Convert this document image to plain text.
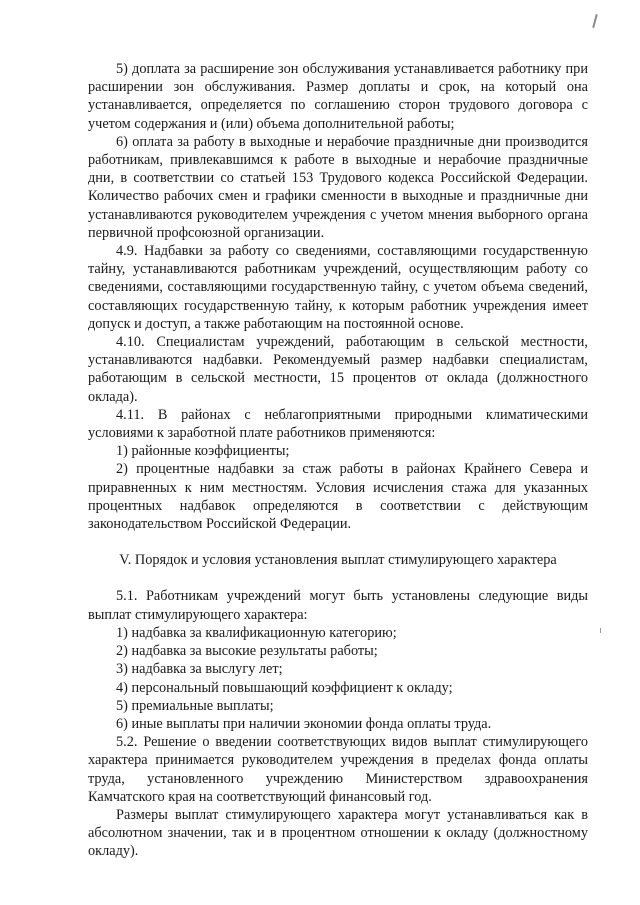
5) доплата за расширение зон обслуживания устанавливается работнику при расширении зон обслуживания. Размер доплаты и срок, на который она устанавливается, определяется по соглашению сторон трудового договора с учетом содержания и (или) объема дополнительной работы;

6) оплата за работу в выходные и нерабочие праздничные дни производится работникам, привлекавшимся к работе в выходные и нерабочие праздничные дни, в соответствии со статьей 153 Трудового кодекса Российской Федерации. Количество рабочих смен и графики сменности в выходные и праздничные дни устанавливаются руководителем учреждения с учетом мнения выборного органа первичной профсоюзной организации.

4.9. Надбавки за работу со сведениями, составляющими государственную тайну, устанавливаются работникам учреждений, осуществляющим работу со сведениями, составляющими государственную тайну, с учетом объема сведений, составляющих государственную тайну, к которым работник учреждения имеет допуск и доступ, а также работающим на постоянной основе.

4.10. Специалистам учреждений, работающим в сельской местности, устанавливаются надбавки. Рекомендуемый размер надбавки специалистам, работающим в сельской местности, 15 процентов от оклада (должностного оклада).

4.11. В районах с неблагоприятными природными климатическими условиями к заработной плате работников применяются:

1) районные коэффициенты;

2) процентные надбавки за стаж работы в районах Крайнего Севера и приравненных к ним местностям. Условия исчисления стажа для указанных процентных надбавок определяются в соответствии с действующим законодательством Российской Федерации.

V. Порядок и условия установления выплат стимулирующего характера

5.1. Работникам учреждений могут быть установлены следующие виды выплат стимулирующего характера:

1) надбавка за квалификационную категорию;

2) надбавка за высокие результаты работы;

3) надбавка за выслугу лет;

4) персональный повышающий коэффициент к окладу;

5) премиальные выплаты;

6) иные выплаты при наличии экономии фонда оплаты труда.

5.2. Решение о введении соответствующих видов выплат стимулирующего характера принимается руководителем учреждения в пределах фонда оплаты труда, установленного учреждению Министерством здравоохранения Камчатского края на соответствующий финансовый год.

Размеры выплат стимулирующего характера могут устанавливаться как в абсолютном значении, так и в процентном отношении к окладу (должностному окладу).
